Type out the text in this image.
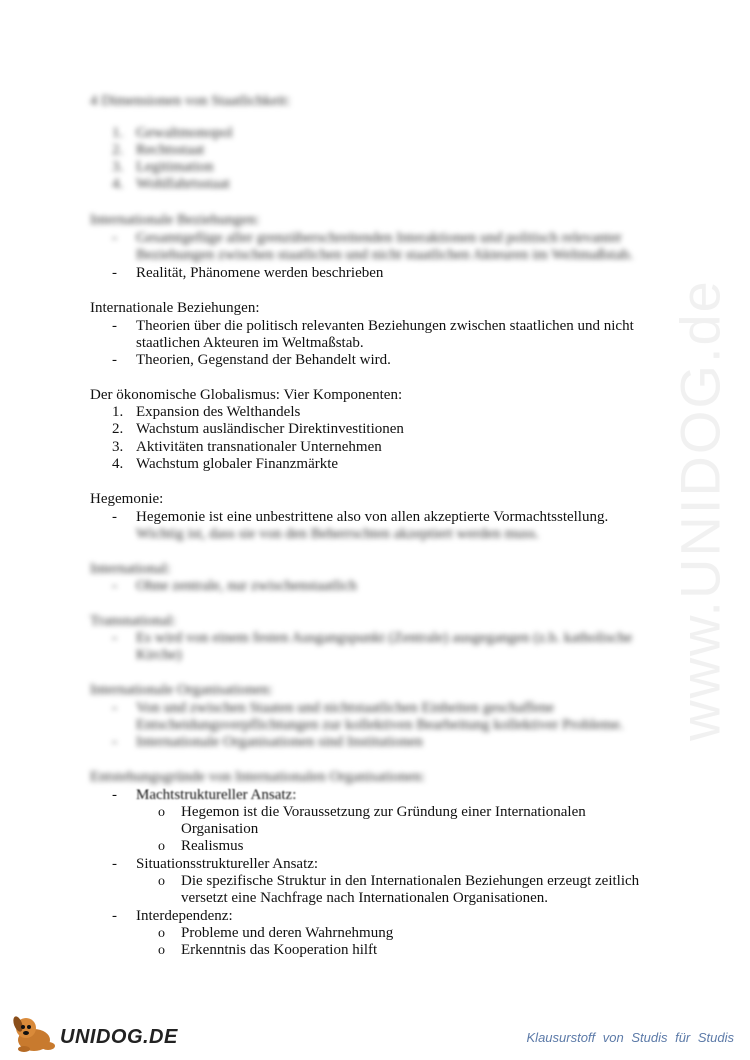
www.UNIDOG.de
4 Dimensionen von Staatlichkeit:
1. Gewaltmonopol
2. Rechtsstaat
3. Legitimation
4. Wohlfahrtsstaat
Internationale Beziehungen:
- Gesamtgefüge aller grenzüberschreitenden Interaktionen und politisch relevanter
Beziehungen zwischen staatlichen und nicht staatlichen Akteuren im Weltmaßstab.
- Realität, Phänomene werden beschrieben
Internationale Beziehungen:
- Theorien über die politisch relevanten Beziehungen zwischen staatlichen und nicht
staatlichen Akteuren im Weltmaßstab.
- Theorien, Gegenstand der Behandelt wird.
Der ökonomische Globalismus: Vier Komponenten:
1. Expansion des Welthandels
2. Wachstum ausländischer Direktinvestitionen
3. Aktivitäten transnationaler Unternehmen
4. Wachstum globaler Finanzmärkte
Hegemonie:
- Hegemonie ist eine unbestrittene also von allen akzeptierte Vormachtsstellung.
Wichtig ist, dass sie von den Beherrschten akzeptiert werden muss.
International:
- Ohne zentrale, nur zwischenstaatlich
Transnational:
- Es wird von einem festen Ausgangspunkt (Zentrale) ausgegangen (z.b. katholische
Kirche)
Internationale Organisationen:
- Von und zwischen Staaten und nichtstaatlichen Einheiten geschaffene
Entscheidungsverpflichtungen zur kollektiven Bearbeitung kollektiver Probleme.
- Internationale Organisationen sind Institutionen
Entstehungsgründe von Internationalen Organisationen:
- Machtstruktureller Ansatz:
o Hegemon ist die Voraussetzung zur Gründung einer Internationalen
Organisation
o Realismus
- Situationsstruktureller Ansatz:
o Die spezifische Struktur in den Internationalen Beziehungen erzeugt zeitlich
versetzt eine Nachfrage nach Internationalen Organisationen.
- Interdependenz:
o Probleme und deren Wahrnehmung
o Erkenntnis das Kooperation hilft
UNIDOG.DE	Klausurstoff von Studis für Studis
